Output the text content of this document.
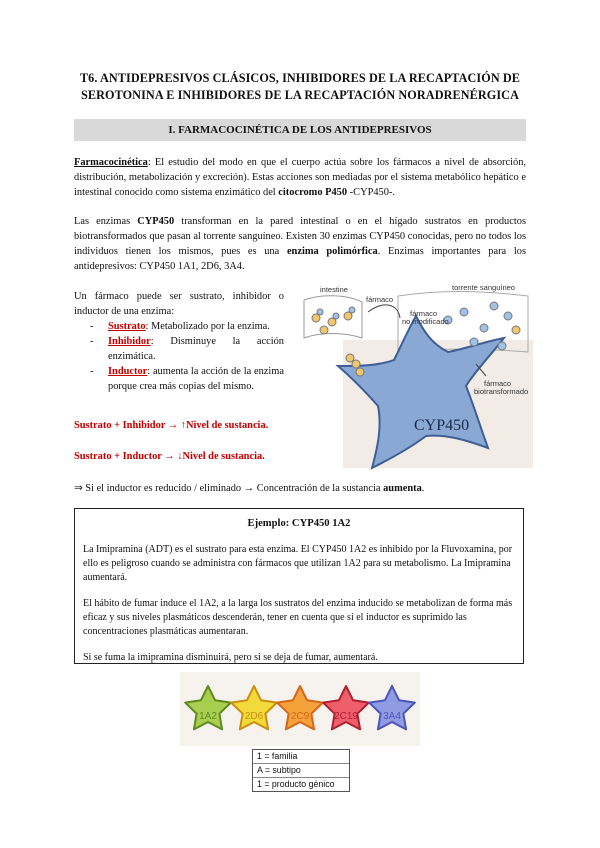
T6. ANTIDEPRESIVOS CLÁSICOS, INHIBIDORES DE LA RECAPTACIÓN DE
SEROTONINA E INHIBIDORES DE LA RECAPTACIÓN NORADRENÉRGICA
I. FARMACOCINÉTICA DE LOS ANTIDEPRESIVOS

Farmacocinética: El estudio del modo en que el cuerpo actúa sobre los fármacos a nivel de absorción, distribución, metabolización y excreción). Estas acciones son mediadas por el sistema metabólico hepático e intestinal conocido como sistema enzimático del citocromo P450 -CYP450-.

Las enzimas CYP450 transforman en la pared intestinal o en el hígado sustratos en productos biotransformados que pasan al torrente sanguíneo. Existen 30 enzimas CYP450 conocidas, pero no todos los individuos tienen los mismos, pues es una enzima polimórfica. Enzimas importantes para los antidepresivos: CYP450 1A1, 2D6, 3A4.

Un fármaco puede ser sustrato, inhibidor o inductor de una enzima:

- Sustrato: Metabolizado por la enzima.
- Inhibidor: Disminuye la acción enzimática.
- Inductor: aumenta la acción de la enzima porque crea más copias del mismo.
Sustrato + Inhibidor → ↑Nivel de sustancia.
Sustrato + Inductor → ↓Nivel de sustancia.
CYP450
intestine
fármaco
torrente sanguíneo
fármaco
no modificado
fármaco
biotransformado

⇒ Si el inductor es reducido / eliminado → Concentración de la sustancia aumenta.

Ejemplo: CYP450 1A2

La Imipramina (ADT) es el sustrato para esta enzima. El CYP450 1A2 es inhibido por la Fluvoxamina, por ello es peligroso cuando se administra con fármacos que utilizan 1A2 para su metabolismo. La Imipramina aumentará.

El hábito de fumar induce el 1A2, a la larga los sustratos del enzima inducido se metabolizan de forma más eficaz y sus niveles plasmáticos descenderán, tener en cuenta que si el inductor es suprimido las concentraciones plasmáticas aumentaran.

Si se fuma la imipramina disminuirá, pero si se deja de fumar, aumentará.

1A2	2D6	2C9 2C19	3A4
1 = familia
A = subtipo
1 = producto génico
